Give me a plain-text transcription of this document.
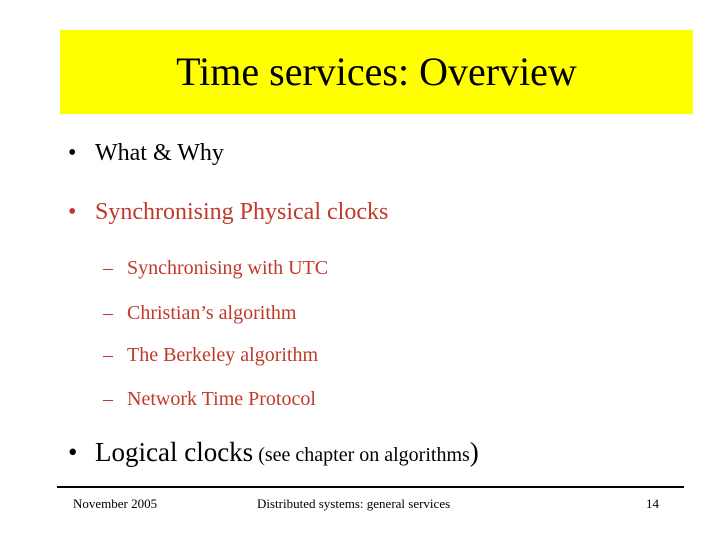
Time services: Overview
• What & Why
• Synchronising Physical clocks
– Synchronising with UTC
– Christian’s algorithm
– The Berkeley algorithm
– Network Time Protocol
• Logical clocks (see chapter on algorithms)
November 2005	Distributed systems: general services	14
